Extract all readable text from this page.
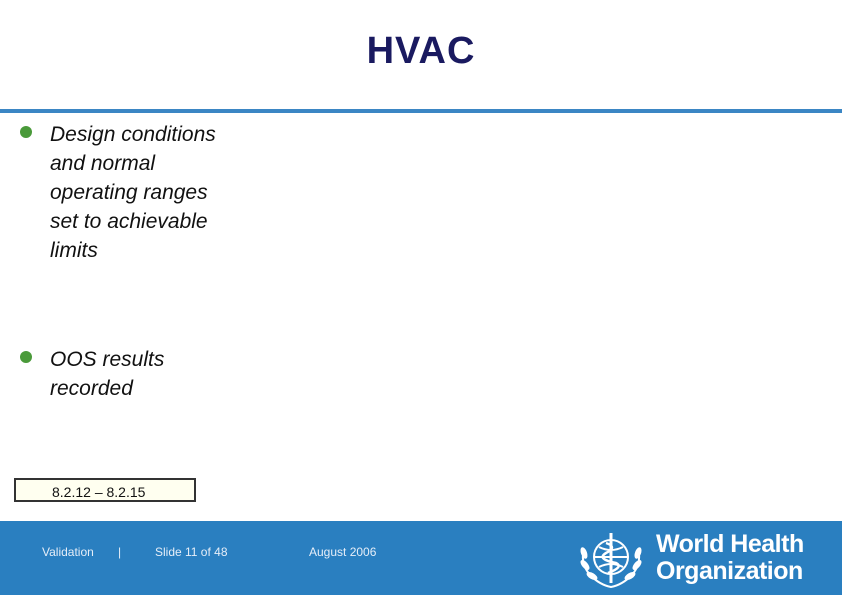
HVAC
Design conditions and normal operating ranges set to achievable limits
OOS results recorded
8.2.12 – 8.2.15
Validation |	Slide 11 of 48	August 2006	World Health
Organization
